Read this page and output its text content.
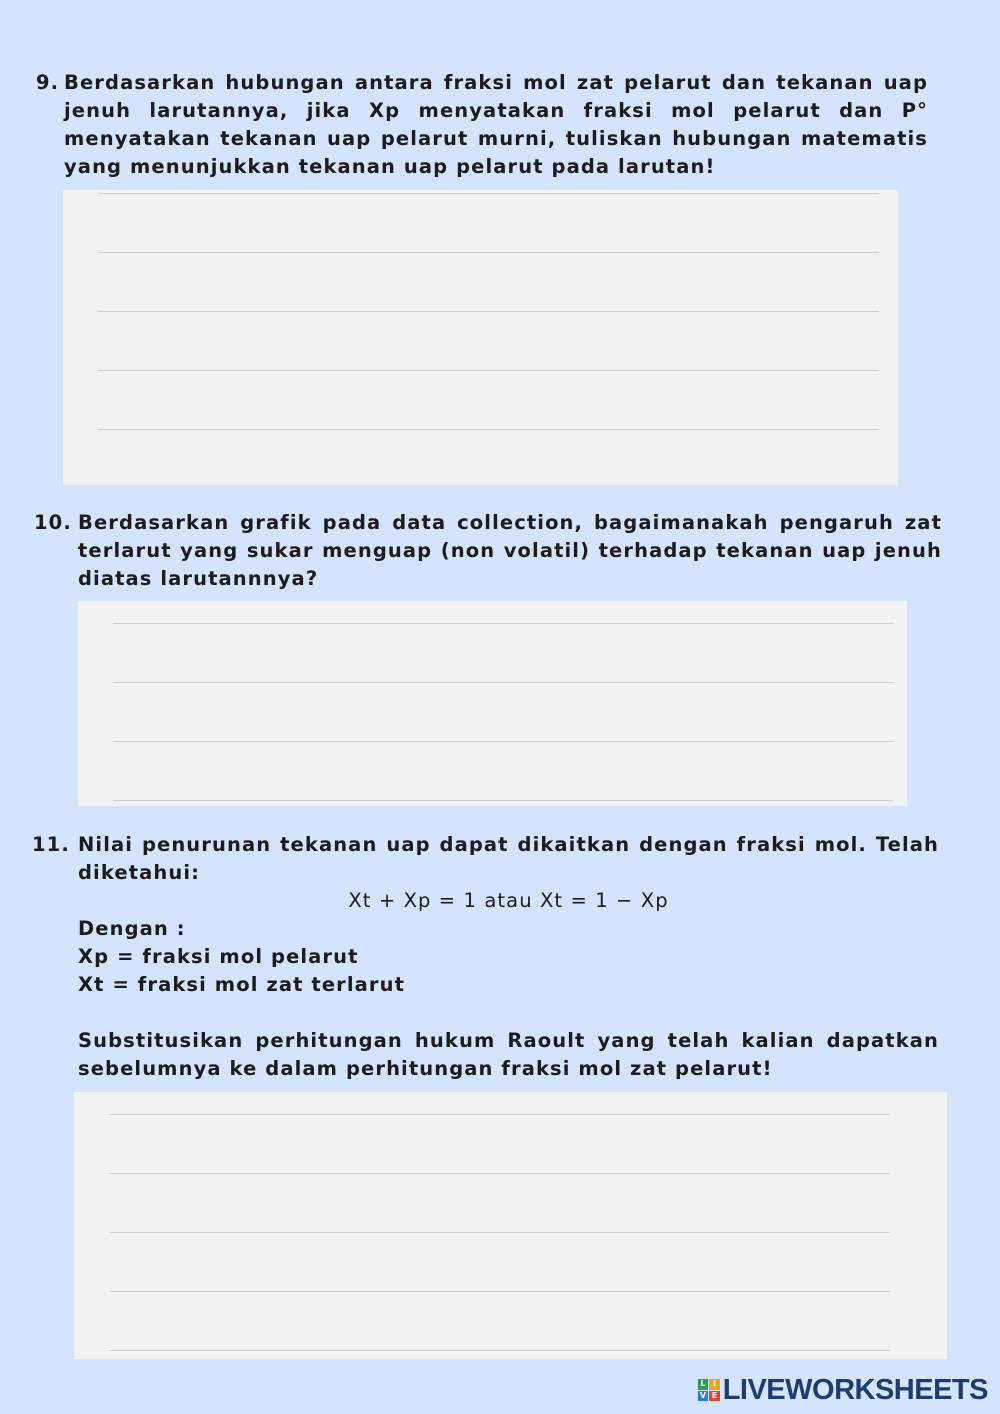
9. Berdasarkan hubungan antara fraksi mol zat pelarut dan tekanan uap jenuh larutannya, jika Xp menyatakan fraksi mol pelarut dan P° menyatakan tekanan uap pelarut murni, tuliskan hubungan matematis yang menunjukkan tekanan uap pelarut pada larutan!
10. Berdasarkan grafik pada data collection, bagaimanakah pengaruh zat terlarut yang sukar menguap (non volatil) terhadap tekanan uap jenuh diatas larutannnya?
11. Nilai penurunan tekanan uap dapat dikaitkan dengan fraksi mol. Telah diketahui:
Xt + Xp = 1 atau Xt = 1 − Xp
Dengan :
Xp = fraksi mol pelarut
Xt = fraksi mol zat terlarut
Substitusikan perhitungan hukum Raoult yang telah kalian dapatkan sebelumnya ke dalam perhitungan fraksi mol zat pelarut!
L I
V E LIVEWORKSHEETS
